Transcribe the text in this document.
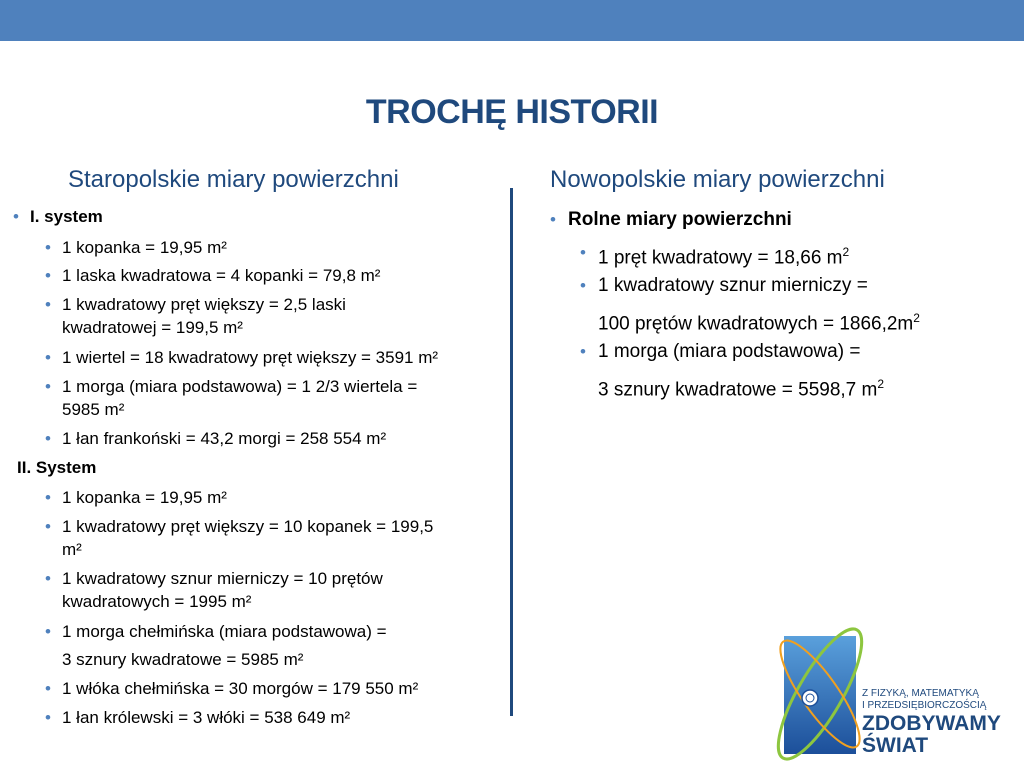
TROCHĘ HISTORII
Staropolskie miary powierzchni	Nowopolskie miary powierzchni
• I. system
• 1 kopanka = 19,95 m²
• 1 laska kwadratowa = 4 kopanki = 79,8 m²
• 1 kwadratowy pręt większy = 2,5 laski
kwadratowej = 199,5 m²
• 1 wiertel = 18 kwadratowy pręt większy = 3591 m²
• 1 morga (miara podstawowa) = 1 2/3 wiertela =
5985 m²
• 1 łan frankoński = 43,2 morgi = 258 554 m²
II. System
• 1 kopanka = 19,95 m²
• 1 kwadratowy pręt większy = 10 kopanek = 199,5
m²
• 1 kwadratowy sznur mierniczy = 10 prętów
kwadratowych = 1995 m²
• 1 morga chełmińska (miara podstawowa) =
3 sznury kwadratowe = 5985 m²
• 1 włóka chełmińska = 30 morgów = 179 550 m²
• 1 łan królewski = 3 włóki = 538 649 m²
• Rolne miary powierzchni
• 1 pręt kwadratowy = 18,66 $m^2$
• 1 kwadratowy sznur mierniczy =
100 prętów kwadratowych = $1866,2m^2$
• 1 morga (miara podstawowa) =
3 sznury kwadratowe = 5598,7 $m^2$
Z FIZYKĄ, MATEMATYKĄ
I PRZEDSIĘBIORCZOŚCIĄ
ZDOBYWAMY
ŚWIAT
